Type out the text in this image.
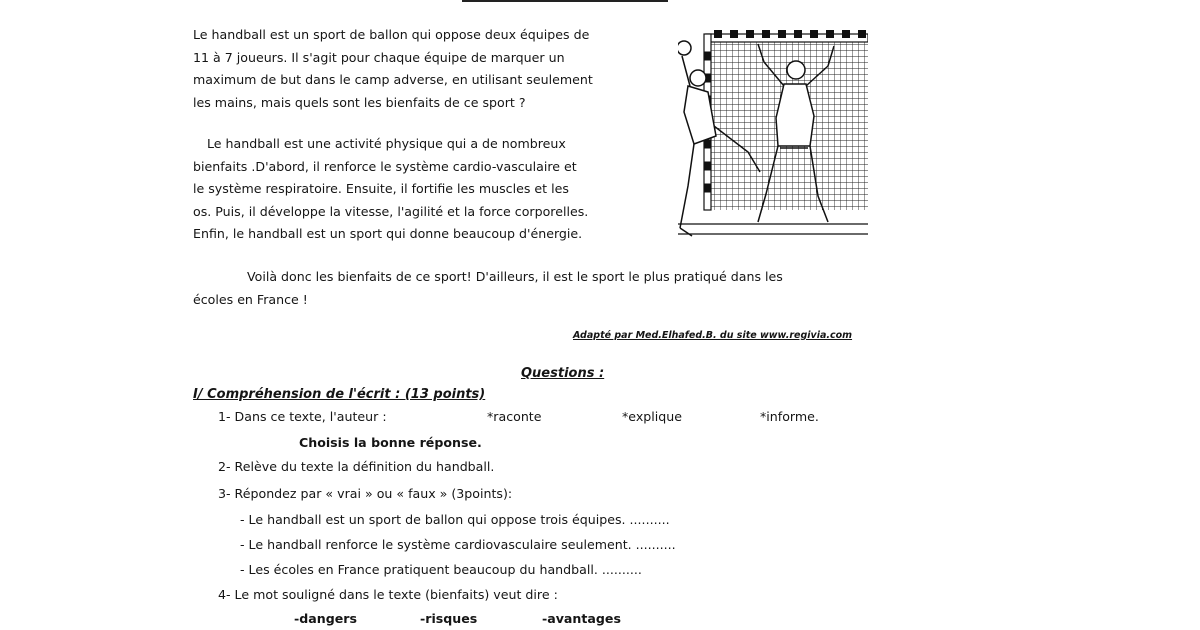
Le handball est un sport de ballon qui oppose deux équipes de
11 à 7 joueurs. Il s'agit pour chaque équipe de marquer un
maximum de but dans le camp adverse, en utilisant seulement
les mains, mais quels sont les bienfaits de ce sport ?
Le handball est une activité physique qui a de nombreux
bienfaits .D'abord, il renforce le système cardio-vasculaire et
le système respiratoire. Ensuite, il fortifie les muscles et les
os. Puis, il développe la vitesse, l'agilité et la force corporelles.
Enfin, le handball est un sport qui donne beaucoup d'énergie.
Voilà donc les bienfaits de ce sport! D'ailleurs, il est le sport le plus pratiqué dans les
écoles en France !
Adapté par Med.Elhafed.B. du site www.regivia.com
Questions :
I/ Compréhension de l'écrit : (13 points)
1- Dans ce texte, l'auteur :	*raconte	*explique	*informe.
Choisis la bonne réponse.
2- Relève du texte la définition du handball.
3- Répondez par « vrai » ou « faux » (3points):
- Le handball est un sport de ballon qui oppose trois équipes. ..........
- Le handball renforce le système cardiovasculaire seulement. ..........
- Les écoles en France pratiquent beaucoup du handball. ..........
4- Le mot souligné dans le texte (bienfaits) veut dire :
-dangers	-risques	-avantages
